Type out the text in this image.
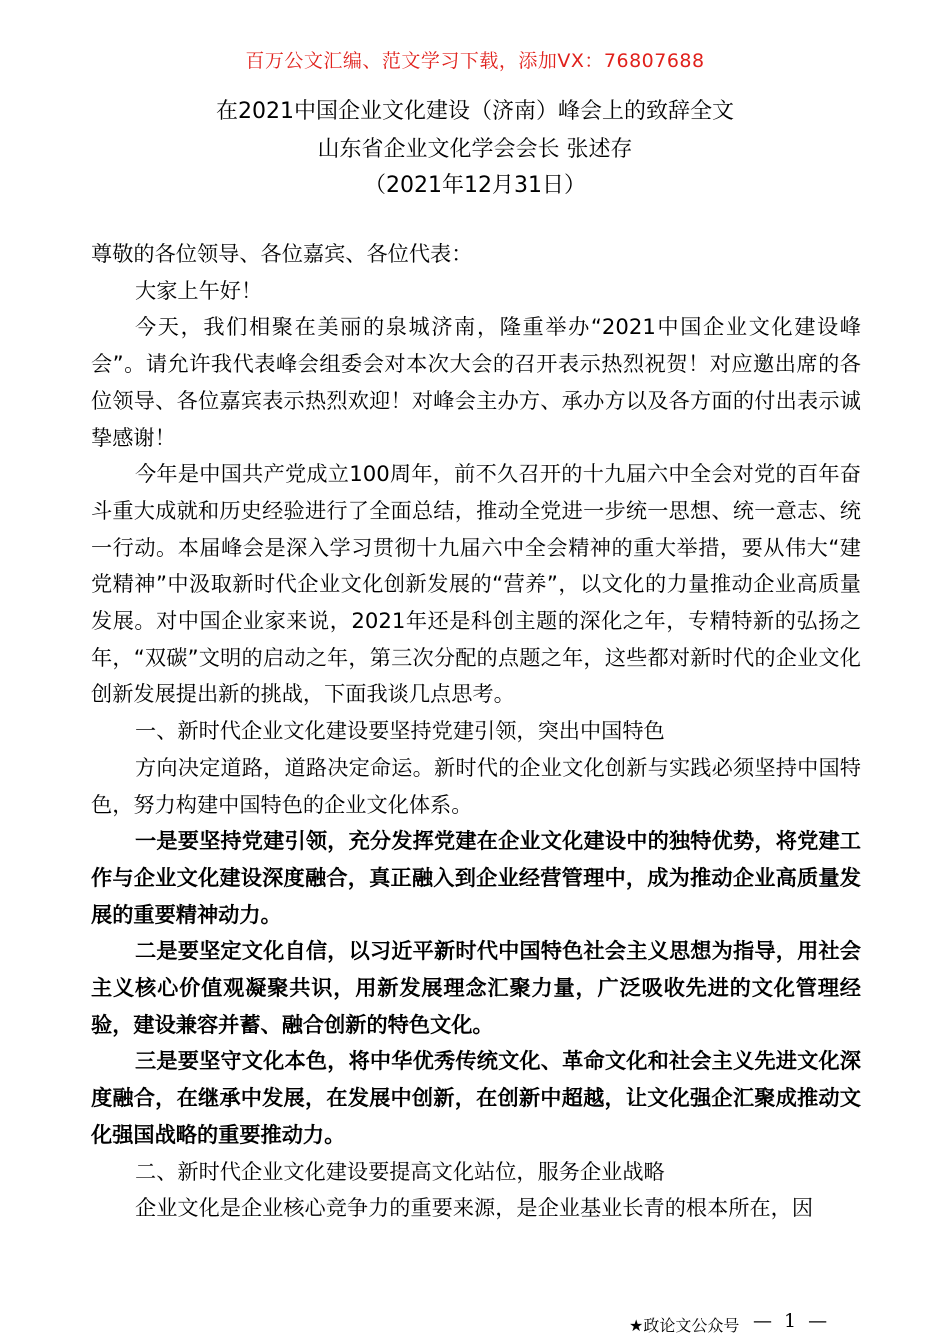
百万公文汇编、范文学习下载，添加VX：76807688
在2021中国企业文化建设（济南）峰会上的致辞全文
山东省企业文化学会会长 张述存
（2021年12月31日）

尊敬的各位领导、各位嘉宾、各位代表：

大家上午好！

今天，我们相聚在美丽的泉城济南，隆重举办“2021中国企业文化建设峰会”。请允许我代表峰会组委会对本次大会的召开表示热烈祝贺！对应邀出席的各位领导、各位嘉宾表示热烈欢迎！对峰会主办方、承办方以及各方面的付出表示诚挚感谢！

今年是中国共产党成立100周年，前不久召开的十九届六中全会对党的百年奋斗重大成就和历史经验进行了全面总结，推动全党进一步统一思想、统一意志、统一行动。本届峰会是深入学习贯彻十九届六中全会精神的重大举措，要从伟大“建党精神”中汲取新时代企业文化创新发展的“营养”，以文化的力量推动企业高质量发展。对中国企业家来说，2021年还是科创主题的深化之年，专精特新的弘扬之年，“双碳”文明的启动之年，第三次分配的点题之年，这些都对新时代的企业文化创新发展提出新的挑战，下面我谈几点思考。

一、新时代企业文化建设要坚持党建引领，突出中国特色

方向决定道路，道路决定命运。新时代的企业文化创新与实践必须坚持中国特色，努力构建中国特色的企业文化体系。

一是要坚持党建引领，充分发挥党建在企业文化建设中的独特优势，将党建工作与企业文化建设深度融合，真正融入到企业经营管理中，成为推动企业高质量发展的重要精神动力。

二是要坚定文化自信，以习近平新时代中国特色社会主义思想为指导，用社会主义核心价值观凝聚共识，用新发展理念汇聚力量，广泛吸收先进的文化管理经验，建设兼容并蓄、融合创新的特色文化。

三是要坚守文化本色，将中华优秀传统文化、革命文化和社会主义先进文化深度融合，在继承中发展，在发展中创新，在创新中超越，让文化强企汇聚成推动文化强国战略的重要推动力。

二、新时代企业文化建设要提高文化站位，服务企业战略

企业文化是企业核心竞争力的重要来源，是企业基业长青的根本所在，因

★政论文公众号 — 1 —
